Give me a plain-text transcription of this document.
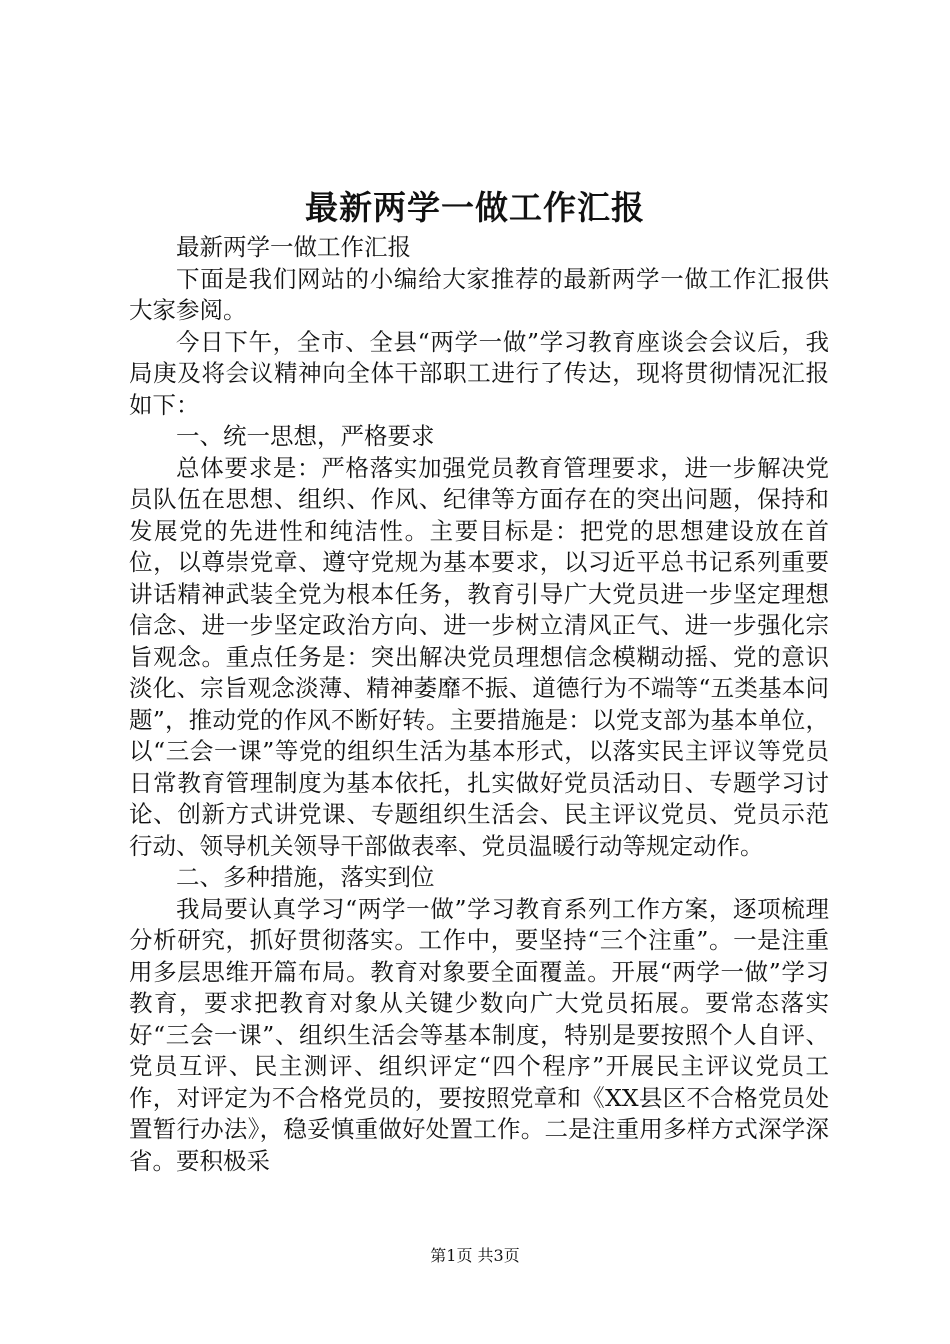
最新两学一做工作汇报

最新两学一做工作汇报

下面是我们网站的小编给大家推荐的最新两学一做工作汇报供大家参阅。

今日下午，全市、全县“两学一做”学习教育座谈会会议后，我局庚及将会议精神向全体干部职工进行了传达，现将贯彻情况汇报如下：

一、统一思想，严格要求

总体要求是：严格落实加强党员教育管理要求，进一步解决党员队伍在思想、组织、作风、纪律等方面存在的突出问题，保持和发展党的先进性和纯洁性。主要目标是：把党的思想建设放在首位，以尊崇党章、遵守党规为基本要求，以习近平总书记系列重要讲话精神武装全党为根本任务，教育引导广大党员进一步坚定理想信念、进一步坚定政治方向、进一步树立清风正气、进一步强化宗旨观念。重点任务是：突出解决党员理想信念模糊动摇、党的意识淡化、宗旨观念淡薄、精神萎靡不振、道德行为不端等“五类基本问题”，推动党的作风不断好转。主要措施是：以党支部为基本单位，以“三会一课”等党的组织生活为基本形式，以落实民主评议等党员日常教育管理制度为基本依托，扎实做好党员活动日、专题学习讨论、创新方式讲党课、专题组织生活会、民主评议党员、党员示范行动、领导机关领导干部做表率、党员温暖行动等规定动作。

二、多种措施，落实到位

我局要认真学习“两学一做”学习教育系列工作方案，逐项梳理分析研究，抓好贯彻落实。工作中，要坚持“三个注重”。一是注重用多层思维开篇布局。教育对象要全面覆盖。开展“两学一做”学习教育，要求把教育对象从关键少数向广大党员拓展。要常态落实好“三会一课”、组织生活会等基本制度，特别是要按照个人自评、党员互评、民主测评、组织评定“四个程序”开展民主评议党员工作，对评定为不合格党员的，要按照党章和《XX县区不合格党员处置暂行办法》，稳妥慎重做好处置工作。二是注重用多样方式深学深省。要积极采

第1页 共3页
